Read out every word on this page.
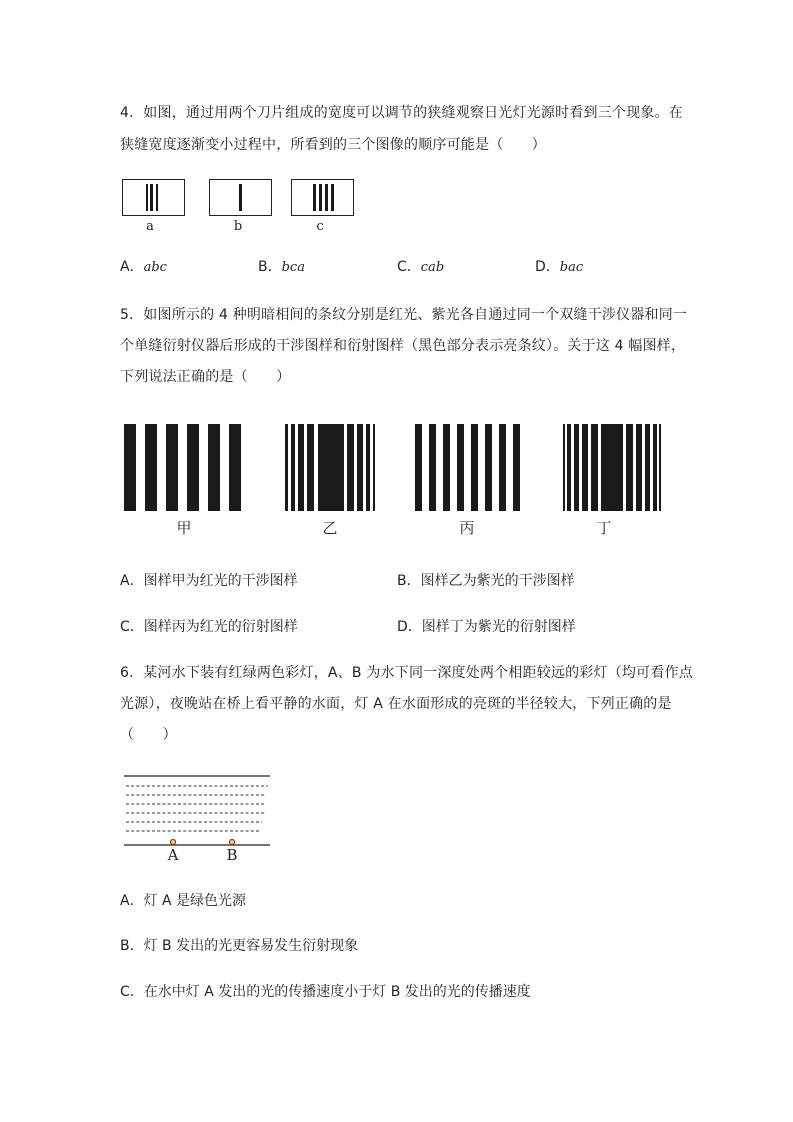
4．如图，通过用两个刀片组成的宽度可以调节的狭缝观察日光灯光源时看到三个现象。在
狭缝宽度逐渐变小过程中，所看到的三个图像的顺序可能是（　　）
a	b	c
A．abc	B．bca	C．cab	D．bac
5．如图所示的 4 种明暗相间的条纹分别是红光、紫光各自通过同一个双缝干涉仪器和同一
个单缝衍射仪器后形成的干涉图样和衍射图样（黑色部分表示亮条纹）。关于这 4 幅图样，
下列说法正确的是（　　）
甲	乙	丙	丁
A．图样甲为红光的干涉图样	B．图样乙为紫光的干涉图样
C．图样丙为红光的衍射图样	D．图样丁为紫光的衍射图样
6．某河水下装有红绿两色彩灯，A、B 为水下同一深度处两个相距较远的彩灯（均可看作点
光源），夜晚站在桥上看平静的水面，灯 A 在水面形成的亮斑的半径较大，下列正确的是
（　　）
A	B
A．灯 A 是绿色光源
B．灯 B 发出的光更容易发生衍射现象
C．在水中灯 A 发出的光的传播速度小于灯 B 发出的光的传播速度
